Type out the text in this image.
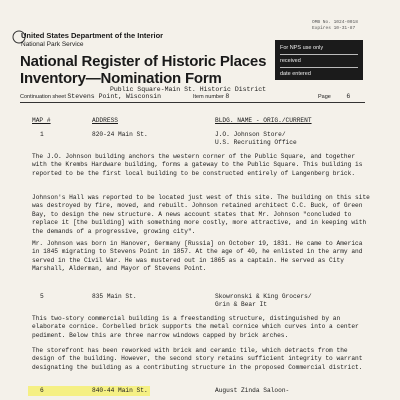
OMB No. 1024-0018
Expires 10-31-87
United States Department of the Interior
National Park Service
National Register of Historic Places
Inventory—Nomination Form
For NPS use only
received
date entered
Public Square-Main St. Historic District
Continuation sheet Stevens Point, Wisconsin	Item number 8	Page 6
MAP #	ADDRESS	BLDG. NAME - ORIG./CURRENT
1	820-24 Main St.	J.O. Johnson Store/
U.S. Recruiting Office
The J.O. Johnson building anchors the western corner of the Public Square, and together with the Krembs Hardware building, forms a gateway to the Public Square. This building is reported to be the first local building to be constructed entirely of Langenberg brick.
Johnson's Hall was reported to be located just west of this site. The building on this site was destroyed by fire, moved, and rebuilt. Johnson retained architect C.C. Buck, of Green Bay, to design the new structure. A news account states that Mr. Johnson "concluded to replace it [the building] with something more costly, more attractive, and in keeping with the demands of a progressive, growing city".
Mr. Johnson was born in Hanover, Germany [Russia] on October 19, 1831. He came to America in 1845 migrating to Stevens Point in 1857. At the age of 40, he enlisted in the army and served in the Civil War. He was mustered out in 1865 as a captain. He served as City Marshall, Alderman, and Mayor of Stevens Point.
5	835 Main St.	Skowronski & King Grocers/
Grin & Bear It
This two-story commercial building is a freestanding structure, distinguished by an elaborate cornice. Corbelled brick supports the metal cornice which curves into a center pediment. Below this are three narrow windows capped by brick arches.
The storefront has been reworked with brick and ceramic tile, which detracts from the design of the building. However, the second story retains sufficient integrity to warrant designating the building as a contributing structure in the proposed Commercial district.
6	840-44 Main St.	August Zinda Saloon-
